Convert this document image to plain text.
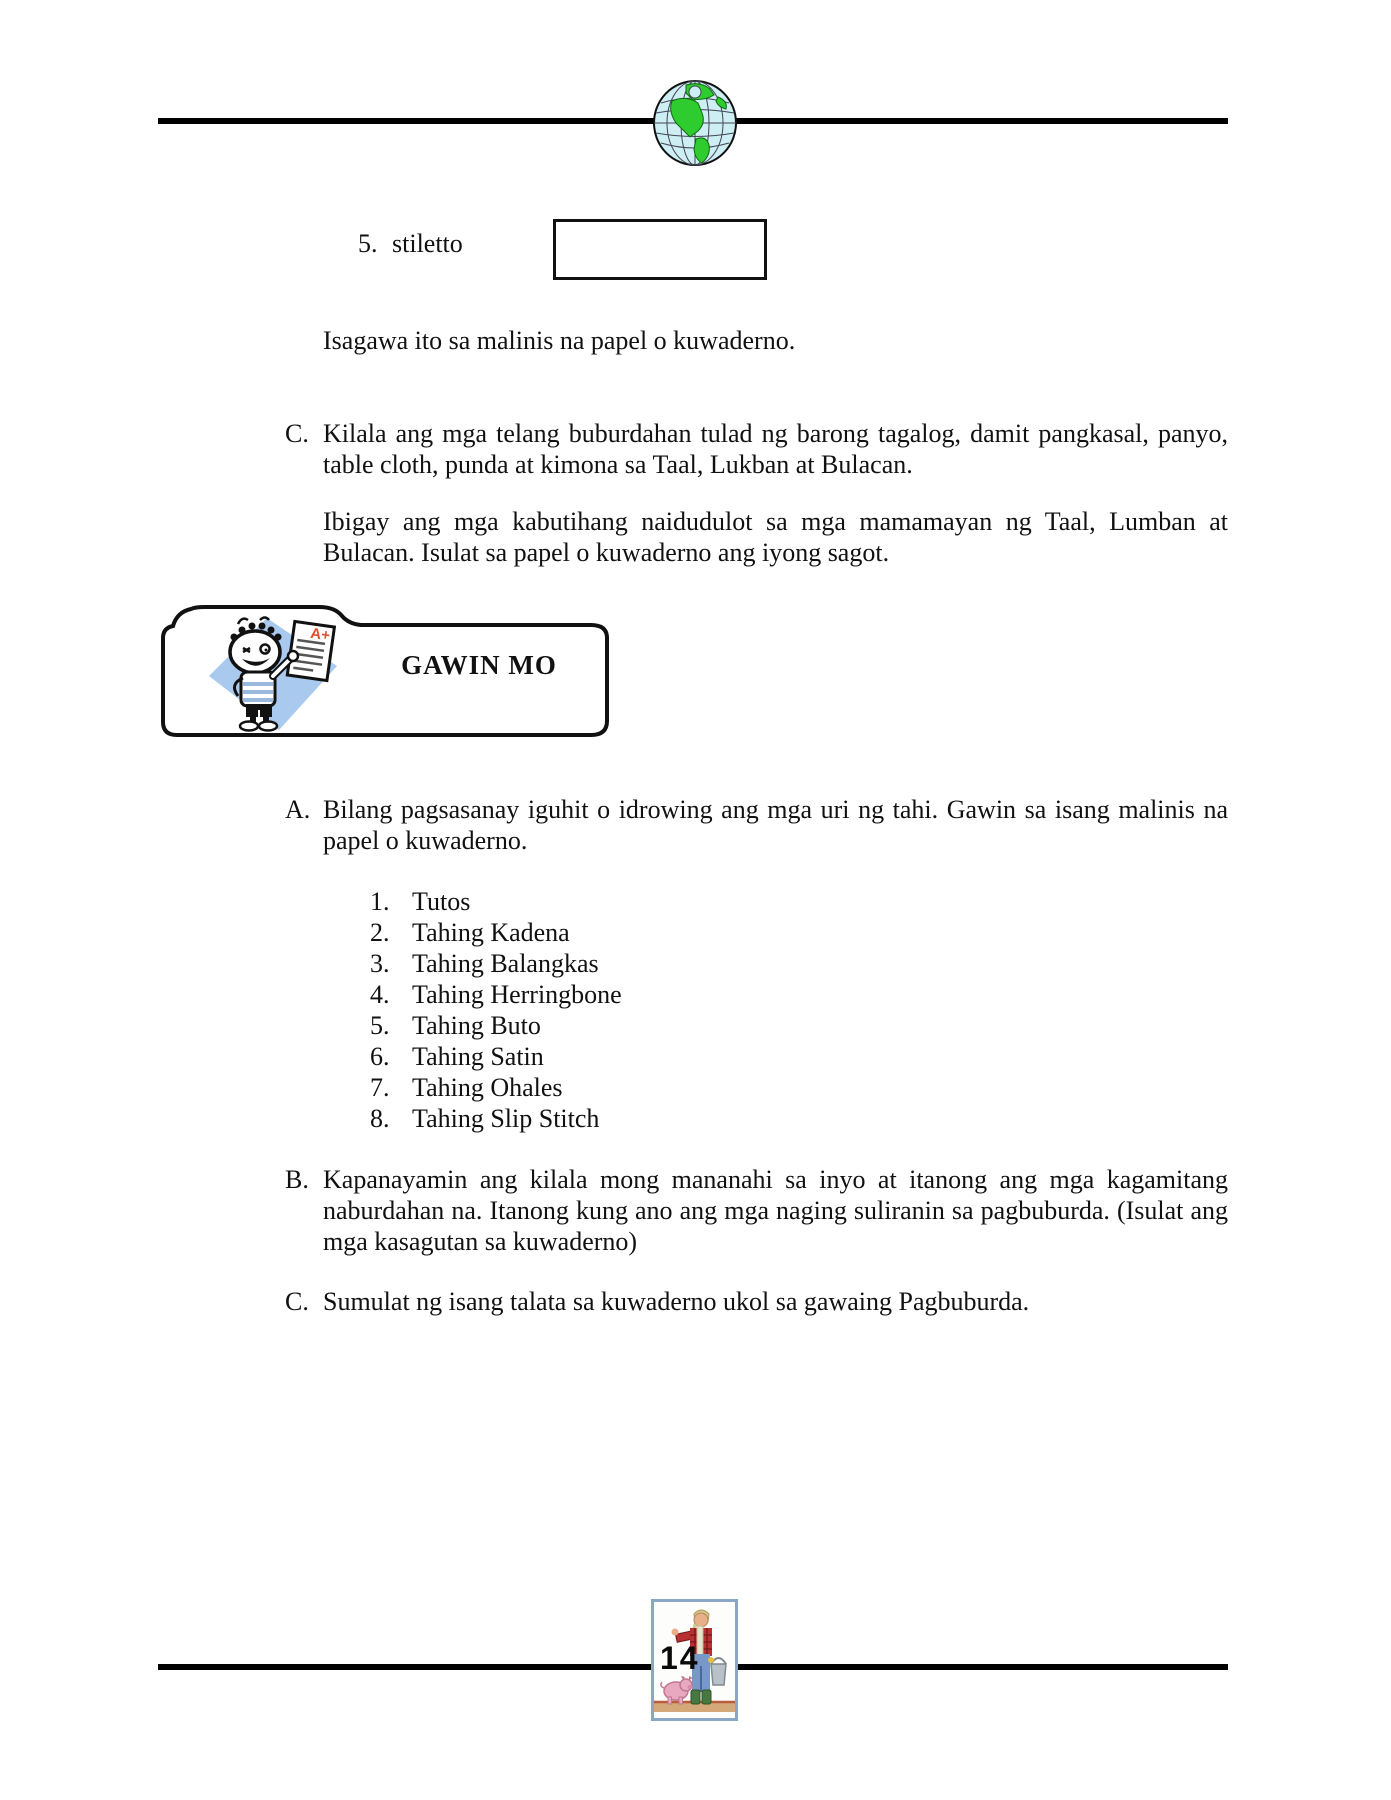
5. stiletto
Isagawa ito sa malinis na papel o kuwaderno.
C. Kilala ang mga telang buburdahan tulad ng barong tagalog, damit pangkasal, panyo, table cloth, punda at kimona sa Taal, Lukban at Bulacan.
Ibigay ang mga kabutihang naidudulot sa mga mamamayan ng Taal, Lumban at Bulacan. Isulat sa papel o kuwaderno ang iyong sagot.
A+
GAWIN MO
A. Bilang pagsasanay iguhit o idrowing ang mga uri ng tahi. Gawin sa isang malinis na papel o kuwaderno.
1. Tutos
2. Tahing Kadena
3. Tahing Balangkas
4. Tahing Herringbone
5. Tahing Buto
6. Tahing Satin
7. Tahing Ohales
8. Tahing Slip Stitch
B. Kapanayamin ang kilala mong mananahi sa inyo at itanong ang mga kagamitang naburdahan na. Itanong kung ano ang mga naging suliranin sa pagbuburda. (Isulat ang mga kasagutan sa kuwaderno)
C. Sumulat ng isang talata sa kuwaderno ukol sa gawaing Pagbuburda.
14
